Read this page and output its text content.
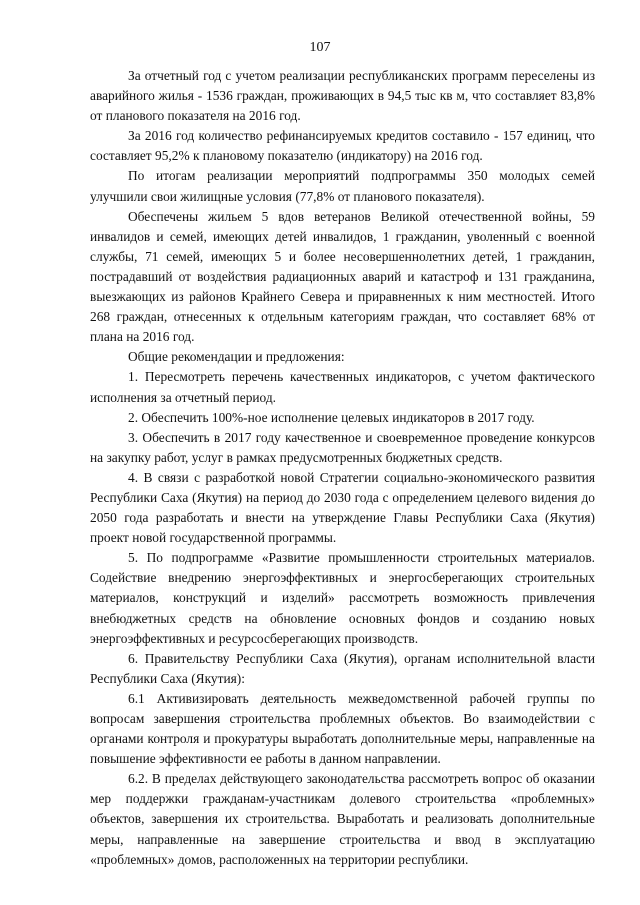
107

За отчетный год с учетом реализации республиканских программ переселены из аварийного жилья - 1536 граждан, проживающих в 94,5 тыс кв м, что составляет 83,8% от планового показателя на 2016 год.

За 2016 год количество рефинансируемых кредитов составило - 157 единиц, что составляет 95,2% к плановому показателю (индикатору) на 2016 год.

По итогам реализации мероприятий подпрограммы 350 молодых семей улучшили свои жилищные условия (77,8% от планового показателя).

Обеспечены жильем 5 вдов ветеранов Великой отечественной войны, 59 инвалидов и семей, имеющих детей инвалидов, 1 гражданин, уволенный с военной службы, 71 семей, имеющих 5 и более несовершеннолетних детей, 1 гражданин, пострадавший от воздействия радиационных аварий и катастроф и 131 гражданина, выезжающих из районов Крайнего Севера и приравненных к ним местностей. Итого 268 граждан, отнесенных к отдельным категориям граждан, что составляет 68% от плана на 2016 год.

Общие рекомендации и предложения:

1. Пересмотреть перечень качественных индикаторов, с учетом фактического исполнения за отчетный период.

2. Обеспечить 100%-ное исполнение целевых индикаторов в 2017 году.

3. Обеспечить в 2017 году качественное и своевременное проведение конкурсов на закупку работ, услуг в рамках предусмотренных бюджетных средств.

4. В связи с разработкой новой Стратегии социально-экономического развития Республики Саха (Якутия) на период до 2030 года с определением целевого видения до 2050 года разработать и внести на утверждение Главы Республики Саха (Якутия) проект новой государственной программы.

5. По подпрограмме «Развитие промышленности строительных материалов. Содействие внедрению энергоэффективных и энергосберегающих строительных материалов, конструкций и изделий» рассмотреть возможность привлечения внебюджетных средств на обновление основных фондов и созданию новых энергоэффективных и ресурсосберегающих производств.

6. Правительству Республики Саха (Якутия), органам исполнительной власти Республики Саха (Якутия):

6.1 Активизировать деятельность межведомственной рабочей группы по вопросам завершения строительства проблемных объектов. Во взаимодействии с органами контроля и прокуратуры выработать дополнительные меры, направленные на повышение эффективности ее работы в данном направлении.

6.2. В пределах действующего законодательства рассмотреть вопрос об оказании мер поддержки гражданам-участникам долевого строительства «проблемных» объектов, завершения их строительства. Выработать и реализовать дополнительные меры, направленные на завершение строительства и ввод в эксплуатацию «проблемных» домов, расположенных на территории республики.
